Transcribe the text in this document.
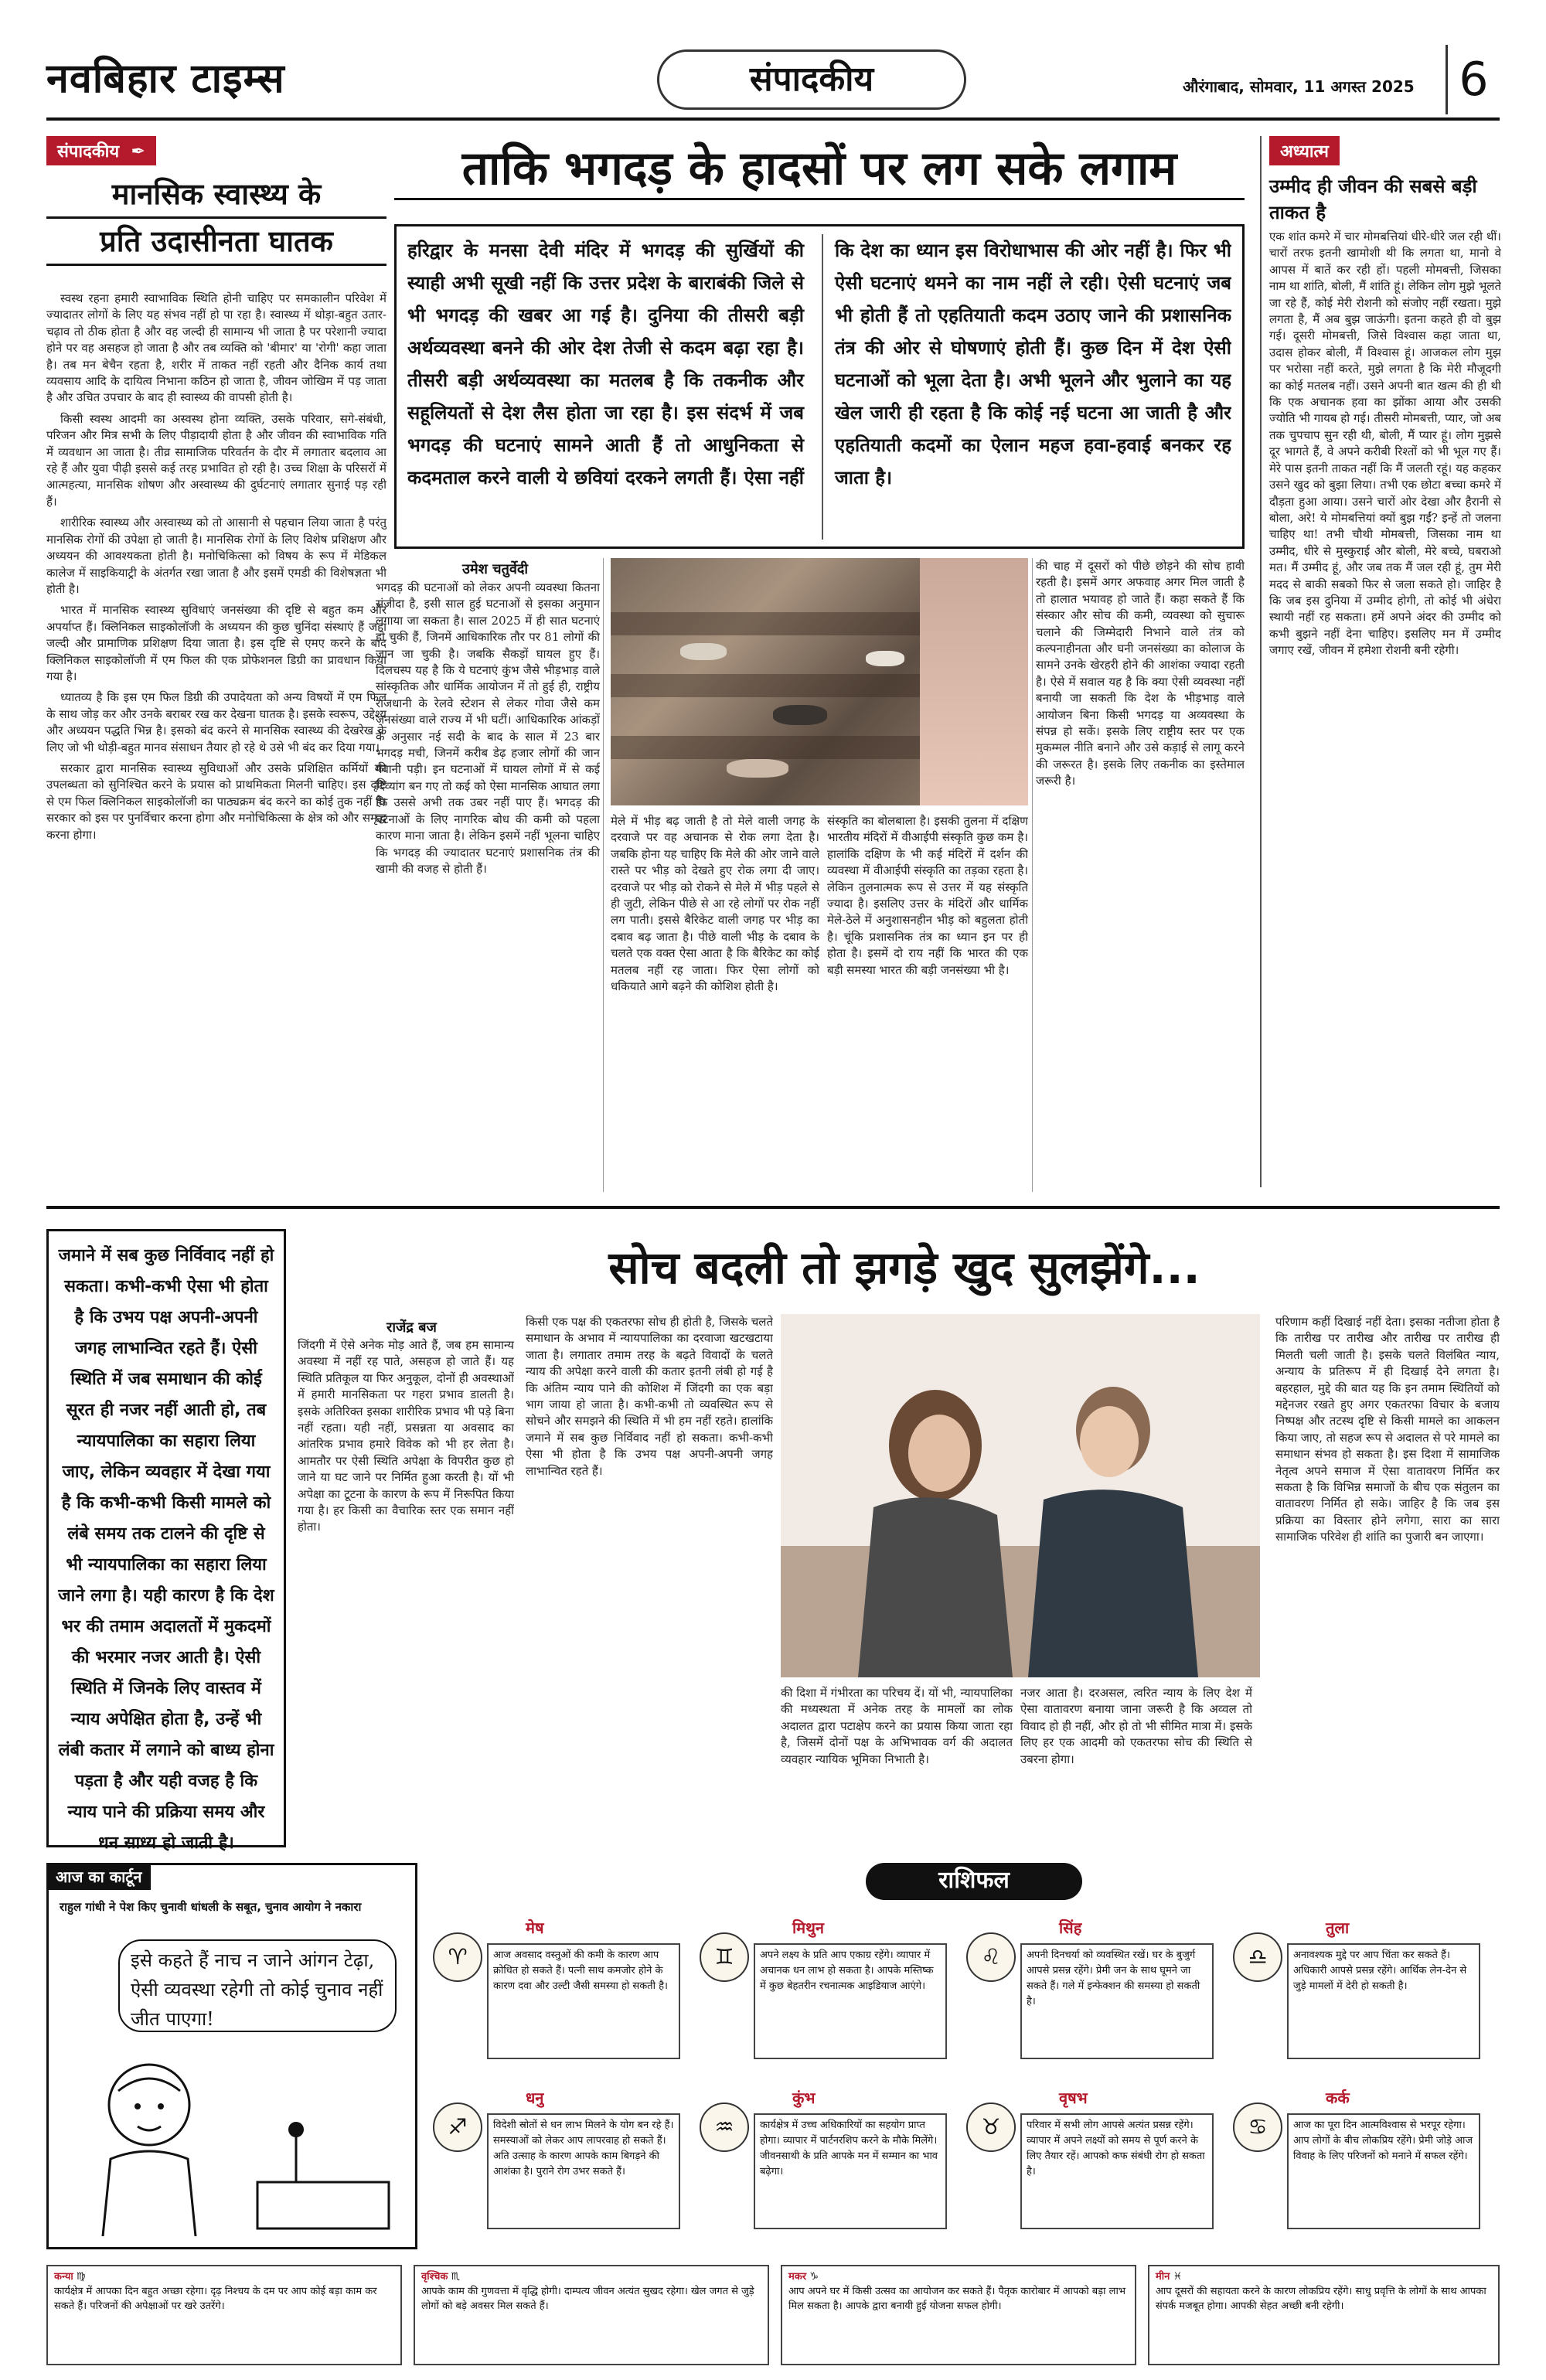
नवबिहार टाइम्स	संपादकीय	औरंगाबाद, सोमवार, 11 अगस्त 2025 6
संपादकीय  ✒
मानसिक स्वास्थ्य के
प्रति उदासीनता घातक

स्वस्थ रहना हमारी स्वाभाविक स्थिति होनी चाहिए पर समकालीन परिवेश में ज्यादातर लोगों के लिए यह संभव नहीं हो पा रहा है। स्वास्थ्य में थोड़ा-बहुत उतार-चढ़ाव तो ठीक होता है और वह जल्दी ही सामान्य भी जाता है पर परेशानी ज्यादा होने पर वह असहज हो जाता है और तब व्यक्ति को 'बीमार' या 'रोगी' कहा जाता है। तब मन बेचैन रहता है, शरीर में ताकत नहीं रहती और दैनिक कार्य तथा व्यवसाय आदि के दायित्व निभाना कठिन हो जाता है, जीवन जोखिम में पड़ जाता है और उचित उपचार के बाद ही स्वास्थ्य की वापसी होती है।

किसी स्वस्थ आदमी का अस्वस्थ होना व्यक्ति, उसके परिवार, सगे-संबंधी, परिजन और मित्र सभी के लिए पीड़ादायी होता है और जीवन की स्वाभाविक गति में व्यवधान आ जाता है। तीव्र सामाजिक परिवर्तन के दौर में लगातार बदलाव आ रहे हैं और युवा पीढ़ी इससे कई तरह प्रभावित हो रही है। उच्च शिक्षा के परिसरों में आत्महत्या, मानसिक शोषण और अस्वास्थ्य की दुर्घटनाएं लगातार सुनाई पड़ रही हैं।

शारीरिक स्वास्थ्य और अस्वास्थ्य को तो आसानी से पहचान लिया जाता है परंतु मानसिक रोगों की उपेक्षा हो जाती है। मानसिक रोगों के लिए विशेष प्रशिक्षण और अध्ययन की आवश्यकता होती है। मनोचिकित्सा को विषय के रूप में मेडिकल कालेज में साइकियाट्री के अंतर्गत रखा जाता है और इसमें एमडी की विशेषज्ञता भी होती है।

भारत में मानसिक स्वास्थ्य सुविधाएं जनसंख्या की दृष्टि से बहुत कम और अपर्याप्त हैं। क्लिनिकल साइकोलॉजी के अध्ययन की कुछ चुनिंदा संस्थाएं हैं जहां जल्दी और प्रामाणिक प्रशिक्षण दिया जाता है। इस दृष्टि से एमए करने के बाद क्लिनिकल साइकोलॉजी में एम फिल की एक प्रोफेशनल डिग्री का प्रावधान किया गया है।

ध्यातव्य है कि इस एम फिल डिग्री की उपादेयता को अन्य विषयों में एम फिल के साथ जोड़ कर और उनके बराबर रख कर देखना घातक है। इसके स्वरूप, उद्देश्य और अध्ययन पद्धति भिन्न है। इसको बंद करने से मानसिक स्वास्थ्य की देखरेख के लिए जो भी थोड़ी-बहुत मानव संसाधन तैयार हो रहे थे उसे भी बंद कर दिया गया।

सरकार द्वारा मानसिक स्वास्थ्य सुविधाओं और उसके प्रशिक्षित कर्मियों की उपलब्धता को सुनिश्चित करने के प्रयास को प्राथमिकता मिलनी चाहिए। इस दृष्टि से एम फिल क्लिनिकल साइकोलॉजी का पाठ्यक्रम बंद करने का कोई तुक नहीं है। सरकार को इस पर पुनर्विचार करना होगा और मनोचिकित्सा के क्षेत्र को और समृद्ध करना होगा।

ताकि भगदड़ के हादसों पर लग सके लगाम
हरिद्वार के मनसा देवी मंदिर में भगदड़ की सुर्खियों की स्याही अभी सूखी नहीं कि उत्तर प्रदेश के बाराबंकी जिले से भी भगदड़ की खबर आ गई है। दुनिया की तीसरी बड़ी अर्थव्यवस्था बनने की ओर देश तेजी से कदम बढ़ा रहा है। तीसरी बड़ी अर्थव्यवस्था का मतलब है कि तकनीक और सहूलियतों से देश लैस होता जा रहा है। इस संदर्भ में जब भगदड़ की घटनाएं सामने आती हैं तो आधुनिकता से कदमताल करने वाली ये छवियां दरकने लगती हैं। ऐसा नहीं कि देश का ध्यान इस विरोधाभास की ओर नहीं है। फिर भी ऐसी घटनाएं थमने का नाम नहीं ले रही। ऐसी घटनाएं जब भी होती हैं तो एहतियाती कदम उठाए जाने की प्रशासनिक तंत्र की ओर से घोषणाएं होती हैं। कुछ दिन में देश ऐसी घटनाओं को भूला देता है। अभी भूलने और भुलाने का यह खेल जारी ही रहता है कि कोई नई घटना आ जाती है और एहतियाती कदमों का ऐलान महज हवा-हवाई बनकर रह जाता है।
उमेश चतुर्वेदी
भगदड़ की घटनाओं को लेकर अपनी व्यवस्था कितना संजीदा है, इसी साल हुई घटनाओं से इसका अनुमान लगाया जा सकता है। साल 2025 में ही सात घटनाएं हो चुकी हैं, जिनमें आधिकारिक तौर पर 81 लोगों की जान जा चुकी है। जबकि सैकड़ों घायल हुए हैं। दिलचस्प यह है कि ये घटनाएं कुंभ जैसे भीड़भाड़ वाले सांस्कृतिक और धार्मिक आयोजन में तो हुई ही, राष्ट्रीय राजधानी के रेलवे स्टेशन से लेकर गोवा जैसे कम जनसंख्या वाले राज्य में भी घटीं। आधिकारिक आंकड़ों के अनुसार नई सदी के बाद के साल में 23 बार भगदड़ मची, जिनमें करीब डेढ़ हजार लोगों की जान गंवानी पड़ी। इन घटनाओं में घायल लोगों में से कई दिव्यांग बन गए तो कई को ऐसा मानसिक आघात लगा कि उससे अभी तक उबर नहीं पाए हैं। भगदड़ की घटनाओं के लिए नागरिक बोध की कमी को पहला कारण माना जाता है। लेकिन इसमें नहीं भूलना चाहिए कि भगदड़ की ज्यादातर घटनाएं प्रशासनिक तंत्र की खामी की वजह से होती हैं।
मेले में भीड़ बढ़ जाती है तो मेले वाली जगह के दरवाजे पर वह अचानक से रोक लगा देता है। जबकि होना यह चाहिए कि मेले की ओर जाने वाले रास्ते पर भीड़ को देखते हुए रोक लगा दी जाए। दरवाजे पर भीड़ को रोकने से मेले में भीड़ पहले से ही जुटी, लेकिन पीछे से आ रहे लोगों पर रोक नहीं लग पाती। इससे बैरिकेट वाली जगह पर भीड़ का दबाव बढ़ जाता है। पीछे वाली भीड़ के दबाव के चलते एक वक्त ऐसा आता है कि बैरिकेट का कोई मतलब नहीं रह जाता। फिर ऐसा लोगों को धकियाते आगे बढ़ने की कोशिश होती है।
संस्कृति का बोलबाला है। इसकी तुलना में दक्षिण भारतीय मंदिरों में वीआईपी संस्कृति कुछ कम है। हालांकि दक्षिण के भी कई मंदिरों में दर्शन की व्यवस्था में वीआईपी संस्कृति का तड़का रहता है। लेकिन तुलनात्मक रूप से उत्तर में यह संस्कृति ज्यादा है। इसलिए उत्तर के मंदिरों और धार्मिक मेले-ठेले में अनुशासनहीन भीड़ को बहुलता होती है। चूंकि प्रशासनिक तंत्र का ध्यान इन पर ही होता है। इसमें दो राय नहीं कि भारत की एक बड़ी समस्या भारत की बड़ी जनसंख्या भी है।
की चाह में दूसरों को पीछे छोड़ने की सोच हावी रहती है। इसमें अगर अफवाह अगर मिल जाती है तो हालात भयावह हो जाते हैं। कहा सकते हैं कि संस्कार और सोच की कमी, व्यवस्था को सुचारू चलाने की जिम्मेदारी निभाने वाले तंत्र को कल्पनाहीनता और घनी जनसंख्या का कोलाज के सामने उनके खेरहरी होने की आशंका ज्यादा रहती है। ऐसे में सवाल यह है कि क्या ऐसी व्यवस्था नहीं बनायी जा सकती कि देश के भीड़भाड़ वाले आयोजन बिना किसी भगदड़ या अव्यवस्था के संपन्न हो सकें। इसके लिए राष्ट्रीय स्तर पर एक मुकम्मल नीति बनाने और उसे कड़ाई से लागू करने की जरूरत है। इसके लिए तकनीक का इस्तेमाल जरूरी है।
अध्यात्म
उम्मीद ही जीवन की सबसे बड़ी ताकत है
एक शांत कमरे में चार मोमबत्तियां धीरे-धीरे जल रही थीं। चारों तरफ इतनी खामोशी थी कि लगता था, मानो वे आपस में बातें कर रही हों। पहली मोमबत्ती, जिसका नाम था शांति, बोली, मैं शांति हूं। लेकिन लोग मुझे भूलते जा रहे हैं, कोई मेरी रोशनी को संजोए नहीं रखता। मुझे लगता है, मैं अब बुझ जाऊंगी। इतना कहते ही वो बुझ गई। दूसरी मोमबत्ती, जिसे विश्वास कहा जाता था, उदास होकर बोली, मैं विश्वास हूं। आजकल लोग मुझ पर भरोसा नहीं करते, मुझे लगता है कि मेरी मौजूदगी का कोई मतलब नहीं। उसने अपनी बात खत्म की ही थी कि एक अचानक हवा का झोंका आया और उसकी ज्योति भी गायब हो गई। तीसरी मोमबत्ती, प्यार, जो अब तक चुपचाप सुन रही थी, बोली, मैं प्यार हूं। लोग मुझसे दूर भागते हैं, वे अपने करीबी रिश्तों को भी भूल गए हैं। मेरे पास इतनी ताकत नहीं कि मैं जलती रहूं। यह कहकर उसने खुद को बुझा लिया। तभी एक छोटा बच्चा कमरे में दौड़ता हुआ आया। उसने चारों ओर देखा और हैरानी से बोला, अरे! ये मोमबत्तियां क्यों बुझ गईं? इन्हें तो जलना चाहिए था! तभी चौथी मोमबत्ती, जिसका नाम था उम्मीद, धीरे से मुस्कुराई और बोली, मेरे बच्चे, घबराओ मत। मैं उम्मीद हूं, और जब तक मैं जल रही हूं, तुम मेरी मदद से बाकी सबको फिर से जला सकते हो। जाहिर है कि जब इस दुनिया में उम्मीद होगी, तो कोई भी अंधेरा स्थायी नहीं रह सकता। हमें अपने अंदर की उम्मीद को कभी बुझने नहीं देना चाहिए। इसलिए मन में उम्मीद जगाए रखें, जीवन में हमेशा रोशनी बनी रहेगी।
जमाने में सब कुछ निर्विवाद नहीं हो सकता। कभी-कभी ऐसा भी होता है कि उभय पक्ष अपनी-अपनी जगह लाभान्वित रहते हैं। ऐसी स्थिति में जब समाधान की कोई सूरत ही नजर नहीं आती हो, तब न्यायपालिका का सहारा लिया जाए, लेकिन व्यवहार में देखा गया है कि कभी-कभी किसी मामले को लंबे समय तक टालने की दृष्टि से भी न्यायपालिका का सहारा लिया जाने लगा है। यही कारण है कि देश भर की तमाम अदालतों में मुकदमों की भरमार नजर आती है। ऐसी स्थिति में जिनके लिए वास्तव में न्याय अपेक्षित होता है, उन्हें भी लंबी कतार में लगाने को बाध्य होना पड़ता है और यही वजह है कि न्याय पाने की प्रक्रिया समय और धन साध्य हो जाती है।
सोच बदली तो झगड़े खुद सुलझेंगे...
राजेंद्र बज
जिंदगी में ऐसे अनेक मोड़ आते हैं, जब हम सामान्य अवस्था में नहीं रह पाते, असहज हो जाते हैं। यह स्थिति प्रतिकूल या फिर अनुकूल, दोनों ही अवस्थाओं में हमारी मानसिकता पर गहरा प्रभाव डालती है। इसके अतिरिक्त इसका शारीरिक प्रभाव भी पड़े बिना नहीं रहता। यही नहीं, प्रसन्नता या अवसाद का आंतरिक प्रभाव हमारे विवेक को भी हर लेता है। आमतौर पर ऐसी स्थिति अपेक्षा के विपरीत कुछ हो जाने या घट जाने पर निर्मित हुआ करती है। यों भी अपेक्षा का टूटना के कारण के रूप में निरूपित किया गया है। हर किसी का वैचारिक स्तर एक समान नहीं होता।
किसी एक पक्ष की एकतरफा सोच ही होती है, जिसके चलते समाधान के अभाव में न्यायपालिका का दरवाजा खटखटाया जाता है। लगातार तमाम तरह के बढ़ते विवादों के चलते न्याय की अपेक्षा करने वाली की कतार इतनी लंबी हो गई है कि अंतिम न्याय पाने की कोशिश में जिंदगी का एक बड़ा भाग जाया हो जाता है। कभी-कभी तो व्यवस्थित रूप से सोचने और समझने की स्थिति में भी हम नहीं रहते। हालांकि जमाने में सब कुछ निर्विवाद नहीं हो सकता। कभी-कभी ऐसा भी होता है कि उभय पक्ष अपनी-अपनी जगह लाभान्वित रहते हैं।
की दिशा में गंभीरता का परिचय दें। यों भी, न्यायपालिका की मध्यस्थता में अनेक तरह के मामलों का लोक अदालत द्वारा पटाक्षेप करने का प्रयास किया जाता रहा है, जिसमें दोनों पक्ष के अभिभावक वर्ग की अदालत व्यवहार न्यायिक भूमिका निभाती है।
नजर आता है। दरअसल, त्वरित न्याय के लिए देश में ऐसा वातावरण बनाया जाना जरूरी है कि अव्वल तो विवाद हो ही नहीं, और हो तो भी सीमित मात्रा में। इसके लिए हर एक आदमी को एकतरफा सोच की स्थिति से उबरना होगा।
परिणाम कहीं दिखाई नहीं देता। इसका नतीजा होता है कि तारीख पर तारीख और तारीख पर तारीख ही मिलती चली जाती है। इसके चलते विलंबित न्याय, अन्याय के प्रतिरूप में ही दिखाई देने लगता है। बहरहाल, मुद्दे की बात यह कि इन तमाम स्थितियों को मद्देनजर रखते हुए अगर एकतरफा विचार के बजाय निष्पक्ष और तटस्थ दृष्टि से किसी मामले का आकलन किया जाए, तो सहज रूप से अदालत से परे मामले का समाधान संभव हो सकता है। इस दिशा में सामाजिक नेतृत्व अपने समाज में ऐसा वातावरण निर्मित कर सकता है कि विभिन्न समाजों के बीच एक संतुलन का वातावरण निर्मित हो सके। जाहिर है कि जब इस प्रक्रिया का विस्तार होने लगेगा, सारा का सारा सामाजिक परिवेश ही शांति का पुजारी बन जाएगा।
आज का कार्टून
राहुल गांधी ने पेश किए चुनावी धांधली के सबूत, चुनाव आयोग ने नकारा
इसे कहते हैं नाच न जाने आंगन टेढ़ा, ऐसी व्यवस्था रहेगी तो कोई चुनाव नहीं जीत पाएगा!
राशिफल
मेष
♈	आज अवसाद वस्तुओं की कमी के कारण आप क्रोधित हो सकते हैं। पत्नी साथ कमजोर होने के कारण दवा और उल्टी जैसी समस्या हो सकती है।
मिथुन
♊	अपने लक्ष्य के प्रति आप एकाग्र रहेंगे। व्यापार में अचानक धन लाभ हो सकता है। आपके मस्तिष्क में कुछ बेहतरीन रचनात्मक आइडियाज आएंगे।
सिंह
♌	अपनी दिनचर्या को व्यवस्थित रखें। घर के बुजुर्ग आपसे प्रसन्न रहेंगे। प्रेमी जन के साथ घूमने जा सकते हैं। गले में इन्फेक्शन की समस्या हो सकती है।
तुला
♎	अनावश्यक मुद्दे पर आप चिंता कर सकते हैं। अधिकारी आपसे प्रसन्न रहेंगे। आर्थिक लेन-देन से जुड़े मामलों में देरी हो सकती है।
धनु
♐	विदेशी स्रोतों से धन लाभ मिलने के योग बन रहे हैं। समस्याओं को लेकर आप लापरवाह हो सकते हैं। अति उत्साह के कारण आपके काम बिगड़ने की आशंका है। पुराने रोग उभर सकते हैं।
कुंभ
♒	कार्यक्षेत्र में उच्च अधिकारियों का सहयोग प्राप्त होगा। व्यापार में पार्टनरशिप करने के मौके मिलेंगे। जीवनसाथी के प्रति आपके मन में सम्मान का भाव बढ़ेगा।
वृषभ
♉	परिवार में सभी लोग आपसे अत्यंत प्रसन्न रहेंगे। व्यापार में अपने लक्ष्यों को समय से पूर्ण करने के लिए तैयार रहें। आपको कफ संबंधी रोग हो सकता है।
कर्क
♋	आज का पूरा दिन आत्मविश्वास से भरपूर रहेगा। आप लोगों के बीच लोकप्रिय रहेंगे। प्रेमी जोड़े आज विवाह के लिए परिजनों को मनाने में सफल रहेंगे।
कन्या ♍
कार्यक्षेत्र में आपका दिन बहुत अच्छा रहेगा। दृढ़ निश्चय के दम पर आप कोई बड़ा काम कर सकते हैं। परिजनों की अपेक्षाओं पर खरे उतरेंगे।
वृश्चिक ♏
आपके काम की गुणवत्ता में वृद्धि होगी। दाम्पत्य जीवन अत्यंत सुखद रहेगा। खेल जगत से जुड़े लोगों को बड़े अवसर मिल सकते हैं।
मकर ♑
आप अपने घर में किसी उत्सव का आयोजन कर सकते हैं। पैतृक कारोबार में आपको बड़ा लाभ मिल सकता है। आपके द्वारा बनायी हुई योजना सफल होगी।
मीन ♓
आप दूसरों की सहायता करने के कारण लोकप्रिय रहेंगे। साधु प्रवृत्ति के लोगों के साथ आपका संपर्क मजबूत होगा। आपकी सेहत अच्छी बनी रहेगी।
